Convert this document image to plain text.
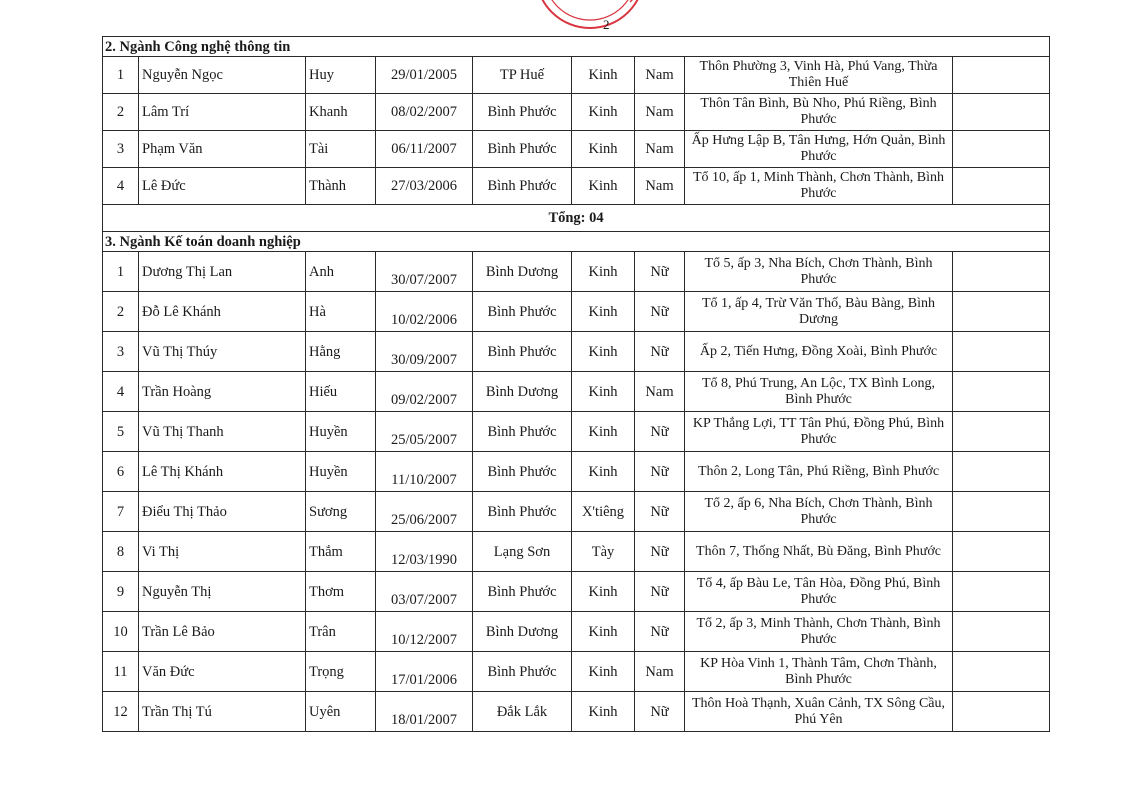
2
2. Ngành Công nghệ thông tin								
1	Nguyễn Ngọc	Huy	29/01/2005	TP Huế	Kinh	Nam	Thôn Phường 3, Vinh Hà, Phú Vang, Thừa Thiên Huế	
2	Lâm Trí	Khanh	08/02/2007	Bình Phước	Kinh	Nam	Thôn Tân Bình, Bù Nho, Phú Riềng, Bình Phước	
3	Phạm Văn	Tài	06/11/2007	Bình Phước	Kinh	Nam	Ấp Hưng Lập B, Tân Hưng, Hớn Quản, Bình Phước	
4	Lê Đức	Thành	27/03/2006	Bình Phước	Kinh	Nam	Tổ 10, ấp 1, Minh Thành, Chơn Thành, Bình Phước	
Tổng: 04								
3. Ngành Kế toán doanh nghiệp								
1	Dương Thị Lan	Anh	30/07/2007	Bình Dương	Kinh	Nữ	Tổ 5, ấp 3, Nha Bích, Chơn Thành, Bình Phước	
2	Đỗ Lê Khánh	Hà	10/02/2006	Bình Phước	Kinh	Nữ	Tổ 1, ấp 4, Trừ Văn Thố, Bàu Bàng, Bình Dương	
3	Vũ Thị Thúy	Hằng	30/09/2007	Bình Phước	Kinh	Nữ	Ấp 2, Tiến Hưng, Đồng Xoài, Bình Phước	
4	Trần Hoàng	Hiếu	09/02/2007	Bình Dương	Kinh	Nam	Tổ 8, Phú Trung, An Lộc, TX Bình Long, Bình Phước	
5	Vũ Thị Thanh	Huyền	25/05/2007	Bình Phước	Kinh	Nữ	KP Thắng Lợi, TT Tân Phú, Đồng Phú, Bình Phước	
6	Lê Thị Khánh	Huyền	11/10/2007	Bình Phước	Kinh	Nữ	Thôn 2, Long Tân, Phú Riềng, Bình Phước	
7	Điểu Thị Thảo	Sương	25/06/2007	Bình Phước	X'tiêng	Nữ	Tổ 2, ấp 6, Nha Bích, Chơn Thành, Bình Phước	
8	Vi Thị	Thắm	12/03/1990	Lạng Sơn	Tày	Nữ	Thôn 7, Thống Nhất, Bù Đăng, Bình Phước	
9	Nguyễn Thị	Thơm	03/07/2007	Bình Phước	Kinh	Nữ	Tổ 4, ấp Bàu Le, Tân Hòa, Đồng Phú, Bình Phước	
10	Trần Lê Bảo	Trân	10/12/2007	Bình Dương	Kinh	Nữ	Tổ 2, ấp 3, Minh Thành, Chơn Thành, Bình Phước	
11	Văn Đức	Trọng	17/01/2006	Bình Phước	Kinh	Nam	KP Hòa Vinh 1, Thành Tâm, Chơn Thành, Bình Phước	
12	Trần Thị Tú	Uyên	18/01/2007	Đắk Lắk	Kinh	Nữ	Thôn Hoà Thạnh, Xuân Cảnh, TX Sông Cầu, Phú Yên	
